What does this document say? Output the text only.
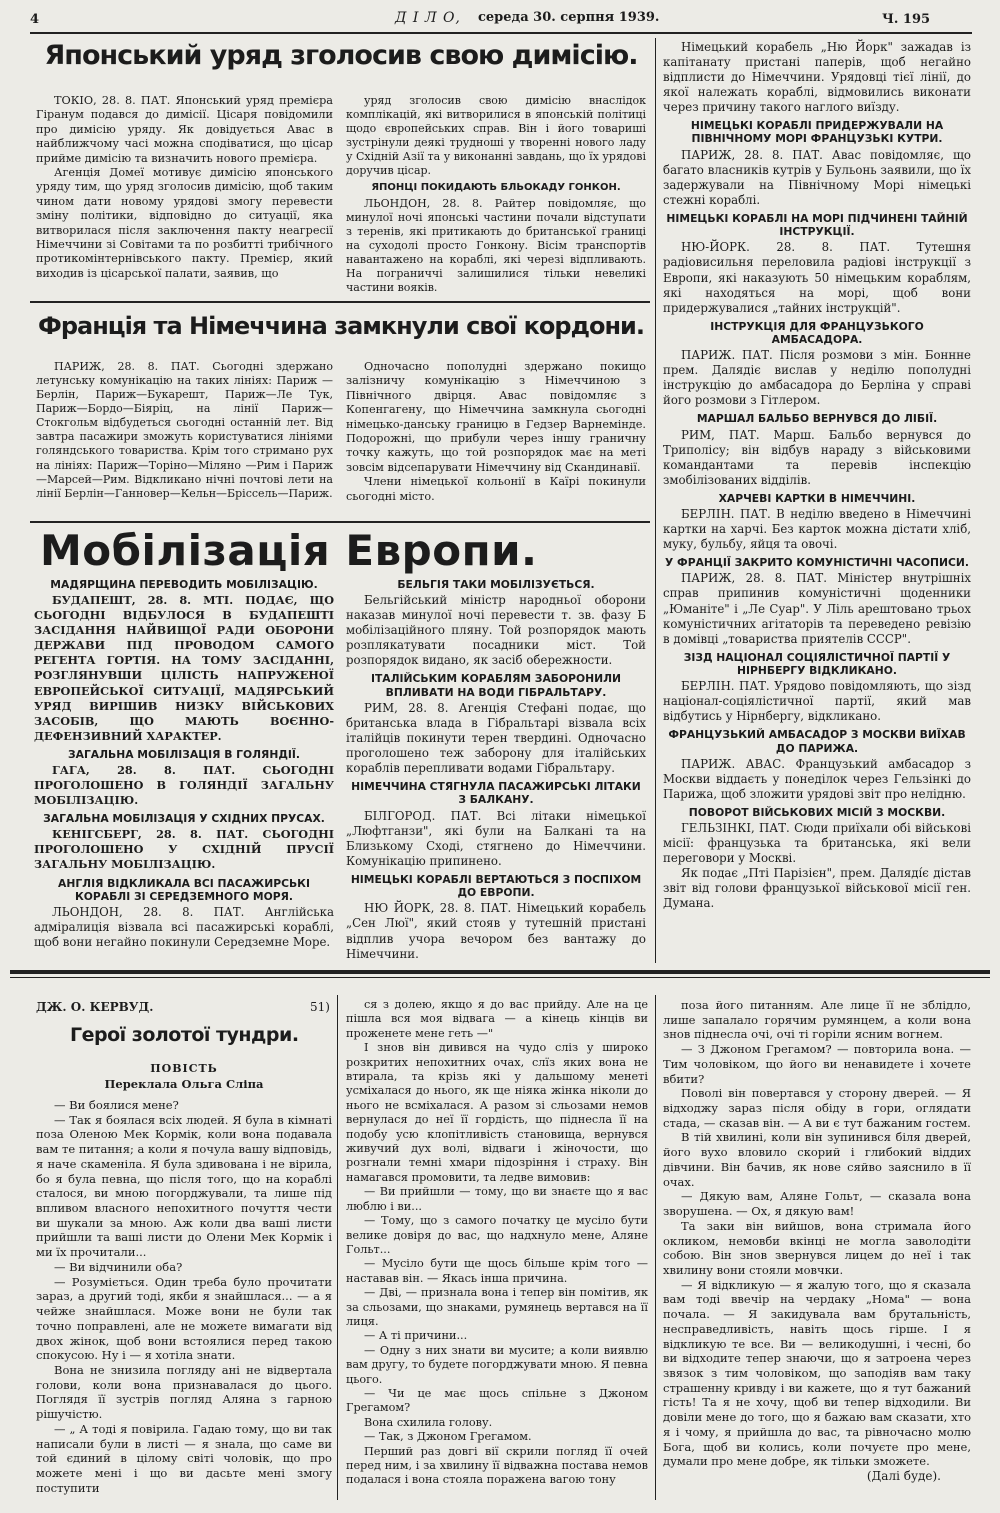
4	Д І Л О, середа 30. серпня 1939.	Ч. 195
Японський уряд зголосив свою димісію.

ТОКІО, 28. 8. ПАТ. Японський уряд премієра Гіранум подався до димісії. Цісаря повідомили про димісію уряду. Як довідується Авас в найближчому часі можна сподіватися, що цісар прийме димісію та визначить нового премієра.

Агенція Домеї мотивує димісію японського уряду тим, що уряд зголосив димісію, щоб таким чином дати новому урядові змогу перевести зміну політики, відповідно до ситуації, яка витворилася після заключення пакту неагресії Німеччини зі Совітами та по розбитті трибічного протикомінтернівського пакту. Премієр, який виходив із цісарської палати, заявив, що

уряд зголосив свою димісію внаслідок комплікацій, які витворилися в японській політиці щодо європейських справ. Він і його товариші зустрінули деякі трудноші у творенні нового ладу у Східній Азії та у виконанні завдань, що їх урядові доручив цісар.

ЯПОНЦІ ПОКИДАЮТЬ БЛЬОКАДУ ГОНКОН.

ЛЬОНДОН, 28. 8. Райтер повідомляє, що минулої ночі японські частини почали відступати з теренів, які притикають до британської границі на суходолі просто Гонкону. Вісім транспортів навантажено на кораблі, які черезі відпливають. На пограниччі залишилися тільки невеликі частини вояків.

Франція та Німеччина замкнули свої кордони.

ПАРИЖ, 28. 8. ПАТ. Сьогодні здержано летунську комунікацію на таких лініях: Париж —Берлін, Париж—Букарешт, Париж—Ле Тук, Париж—Бордо—Біяріц, на лінії Париж—Стокгольм відбудеться сьогодні останній лет. Від завтра пасажири зможуть користуватися лініями голяндського товариства. Крім того стримано рух на лініях: Париж—Торіно—Міляно —Рим і Париж—Марсей—Рим. Відкликано нічні почтові лети на лінії Берлін—Ганновер—Кельн—Бріссель—Париж.

Одночасно пополудні здержано покищо залізничу комунікацію з Німеччиною з Північного двірця. Авас повідомляє з Копенгагену, що Німеччина замкнула сьогодні німецько-данську границю в Гедзер Варнемінде. Подорожні, що прибули через іншу граничну точку кажуть, що той розпорядок має на меті зовсім відсепарувати Німеччину від Скандинавії.

Члени німецької кольонії в Каїрі покинули сьогодні місто.

Мобілізація Европи.
МАДЯРЩИНА ПЕРЕВОДИТЬ МОБІЛІЗАЦІЮ.

БУДАПЕШТ, 28. 8. МТІ. ПОДАЄ, ЩО СЬОГОДНІ ВІДБУЛОСЯ В БУДАПЕШТІ ЗАСІДАННЯ НАЙВИЩОЇ РАДИ ОБОРОНИ ДЕРЖАВИ ПІД ПРОВОДОМ САМОГО РЕГЕНТА ГОРТІЯ. НА ТОМУ ЗАСІДАННІ, РОЗГЛЯНУВШИ ЦІЛІСТЬ НАПРУЖЕНОЇ ЕВРОПЕЙСЬКОЇ СИТУАЦІЇ, МАДЯРСЬКИЙ УРЯД ВИРІШИВ НИЗКУ ВІЙСЬКОВИХ ЗАСОБІВ, ЩО МАЮТЬ ВОЄННО-ДЕФЕНЗИВНИЙ ХАРАКТЕР.

ЗАГАЛЬНА МОБІЛІЗАЦІЯ В ГОЛЯНДІЇ.

ГАГА, 28. 8. ПАТ. СЬОГОДНІ ПРОГОЛОШЕНО В ГОЛЯНДІЇ ЗАГАЛЬНУ МОБІЛІЗАЦІЮ.

ЗАГАЛЬНА МОБІЛІЗАЦІЯ У СХІДНИХ ПРУСАХ.

КЕНІГСБЕРГ, 28. 8. ПАТ. СЬОГОДНІ ПРОГОЛОШЕНО У СХІДНІЙ ПРУСІЇ ЗАГАЛЬНУ МОБІЛІЗАЦІЮ.

АНГЛІЯ ВІДКЛИКАЛА ВСІ ПАСАЖИРСЬКІ КОРАБЛІ ЗІ СЕРЕДЗЕМНОГО МОРЯ.

ЛЬОНДОН, 28. 8. ПАТ. Англійська адміралиція візвала всі пасажирські кораблі, щоб вони негайно покинули Середземне Море.

БЕЛЬГІЯ ТАКИ МОБІЛІЗУЄТЬСЯ.

Бельгійський міністр народньої оборони наказав минулої ночі перевести т. зв. фазу Б мобілізаційного пляну. Той розпорядок мають розплякатувати посадники міст. Той розпорядок видано, як засіб обережности.

ІТАЛІЙСЬКИМ КОРАБЛЯМ ЗАБОРОНИЛИ ВПЛИВАТИ НА ВОДИ ГІБРАЛЬТАРУ.

РИМ, 28. 8. Агенція Стефані подає, що британська влада в Гібральтарі візвала всіх італійців покинути терен твердині. Одночасно проголошено теж заборону для італійських кораблів перепливати водами Гібральтару.

НІМЕЧЧИНА СТЯГНУЛА ПАСАЖИРСЬКІ ЛІТАКИ З БАЛКАНУ.

БІЛГОРОД. ПАТ. Всі літаки німецької „Люфтганзи", які були на Балкані та на Близькому Сході, стягнено до Німеччини. Комунікацію припинено.

НІМЕЦЬКІ КОРАБЛІ ВЕРТАЮТЬСЯ З ПОСПІХОМ ДО ЕВРОПИ.

НЮ ЙОРК, 28. 8. ПАТ. Німецький корабель „Сен Люї", який стояв у тутешній пристані відплив учора вечором без вантажу до Німеччини.

Німецький корабель „Ню Йорк" зажадав із капітанату пристані паперів, щоб негайно відплисти до Німеччини. Урядовці тієї лінії, до якої належать кораблі, відмовились виконати через причину такого наглого виїзду.

НІМЕЦЬКІ КОРАБЛІ ПРИДЕРЖУВАЛИ НА ПІВНІЧНОМУ МОРІ ФРАНЦУЗЬКІ КУТРИ.

ПАРИЖ, 28. 8. ПАТ. Авас повідомляє, що багато власників кутрів у Бульонь заявили, що їх задержували на Північному Морі німецькі стежні кораблі.

НІМЕЦЬКІ КОРАБЛІ НА МОРІ ПІДЧИНЕНІ ТАЙНІЙ ІНСТРУКЦІЇ.

НЮ-ЙОРК. 28. 8. ПАТ. Тутешня радіовисильня переловила радіові інструкції з Европи, які наказують 50 німецьким кораблям, які находяться на морі, щоб вони придержувалися „тайних інструкцій".

ІНСТРУКЦІЯ ДЛЯ ФРАНЦУЗЬКОГО АМБАСАДОРА.

ПАРИЖ. ПАТ. Після розмови з мін. Боннне прем. Далядіє вислав у неділю пополудні інструкцію до амбасадора до Берліна у справі його розмови з Гітлером.

МАРШАЛ БАЛЬБО ВЕРНУВСЯ ДО ЛІБІЇ.

РИМ, ПАТ. Марш. Бальбо вернувся до Триполісу; він відбув нараду з військовими командантами та перевів інспекцію змобілізованих відділів.

ХАРЧЕВІ КАРТКИ В НІМЕЧЧИНІ.

БЕРЛІН. ПАТ. В неділю введено в Німеччині картки на харчі. Без карток можна дістати хліб, муку, бульбу, яйця та овочі.

У ФРАНЦІЇ ЗАКРИТО КОМУНІСТИЧНІ ЧАСОПИСИ.

ПАРИЖ, 28. 8. ПАТ. Міністер внутрішніх справ припинив комуністичні щоденники „Юманіте" і „Ле Суар". У Ліль арештовано трьох комуністичних агітаторів та переведено ревізію в домівці „товариства приятелів СССР".

ЗІЗД НАЦІОНАЛ СОЦІЯЛІСТИЧНОЇ ПАРТІЇ У НІРНБЕРГУ ВІДКЛИКАНО.

БЕРЛІН. ПАТ. Урядово повідомляють, що зізд націонал-соціялістичної партії, який мав відбутись у Нірнбергу, відкликано.

ФРАНЦУЗЬКИЙ АМБАСАДОР З МОСКВИ ВИЇХАВ ДО ПАРИЖА.

ПАРИЖ. АВАС. Французький амбасадор з Москви віддаєть у понеділок через Гельзінкі до Парижа, щоб зложити урядові звіт про нелідню.

ПОВОРОТ ВІЙСЬКОВИХ МІСІЙ З МОСКВИ.

ГЕЛЬЗІНКІ, ПАТ. Сюди приїхали обі військові місії: французька та британська, які вели переговори у Москві.

Як подає „Пті Парізієн", прем. Даляді́є дістав звіт від голови французької військової місії ген. Думана.

ДЖ. О. КЕРВУД.	51)
Герої золотої тундри.
ПОВІСТЬ
Переклала Ольга Сліпа

— Ви боялися мене?

— Так я боялася всіх людей. Я була в кімнаті поза Оленою Мек Кормік, коли вона подавала вам те питання; а коли я почула вашу відповідь, я наче скаменіла. Я була здивована і не вірила, бо я була певна, що після того, що на кораблі сталося, ви мною погорджували, та лише під впливом власного непохитного почуття чести ви шукали за мною. Аж коли два ваші листи прийшли та ваші листи до Олени Мек Кормік і ми їх прочитали...

— Ви відчинили оба?

— Розуміється. Один треба було прочитати зараз, а другий тоді, якби я знайшлася... — а я чейже знайшлася. Може вони не були так точно поправлені, але не можете вимагати від двох жінок, щоб вони встоялися перед такою спокусою. Ну і — я хотіла знати.

Вона не знизила погляду ані не відвертала голови, коли вона признавалася до цього. Поглядя її зустрів погляд Аляна з гарною рішучістю.

— „ А тоді я повірила. Гадаю тому, що ви так написали були в листі — я знала, що саме ви той єдиний в цілому світі чоловік, що про можете мені і що ви дасьте мені змогу поступити

ся з долею, якщо я до вас прийду. Але на це пішла вся моя відвага — а кінець кінців ви проженете мене геть —"

І знов він дивився на чудо сліз у широко розкритих непохитних очах, слїз яких вона не втирала, та крізь які у дальшому менеті усміхалася до нього, як ще ніяка жінка ніколи до нього не всміхалася. А разом зі сльозами немов вернулася до неї її гордість, що піднесла її на подобу усю клопітливість становища, вернувся живучий дух волі, відваги і жіночости, що розгнали темні хмари підозріння і страху. Він намагався промовити, та ледве вимовив:

— Ви прийшли — тому, що ви знаєте що я вас люблю і ви...

— Тому, що з самого початку це мусіло бути велике довіря до вас, що надхнуло мене, Аляне Гольт...

— Мусіло бути ще щось більше крім того — наставав він. — Якась інша причина.

— Дві, — признала вона і тепер він помітив, як за сльозами, що знаками, румянець вертався на її лиця.

— А ті причини...

— Одну з них знати ви мусите; а коли виявлю вам другу, то будете погорджувати мною. Я певна цього.

— Чи це має щось спільне з Джоном Грегамом?

Вона схилила голову.

— Так, з Джоном Грегамом.

Перший раз довгі вії скрили погляд її очей перед ним, і за хвилину її відважна постава немов подалася і вона стояла поражена вагою тону

поза його питанням. Але лице її не зблідло, лише запалало горячим румянцем, а коли вона знов піднесла очі, очі ті горіли ясним вогнем.

— З Джоном Грегамом? — повторила вона. — Тим чоловіком, що його ви ненавидете і хочете вбити?

Поволі він повертався у сторону дверей. — Я відходжу зараз після обіду в гори, оглядати стада, — сказав він. — А ви є тут бажаним гостем.

В тій хвилині, коли він зупинився біля дверей, його вухо вловило скорий і глибокий віддих дівчини. Він бачив, як нове сяйво заяснило в її очах.

— Дякую вам, Аляне Гольт, — сказала вона зворушена. — Ох, я дякую вам!

Та заки він вийшов, вона стримала його окликом, немовби вкінці не могла заволодіти собою. Він знов звернувся лицем до неї і так хвилину вони стояли мовчки.

— Я відкликую — я жалую того, що я сказала вам тоді ввечір на чердаку „Нома" — вона почала. — Я закидувала вам брутальність, несправедливість, навіть щось гірше. І я відкликую те все. Ви — великодушні, і чесні, бо ви відходите тепер знаючи, що я затроена через звязок з тим чоловіком, що заподіяв вам таку страшенну кривду і ви кажете, що я тут бажаний гість! Та я не хочу, щоб ви тепер відходили. Ви довіли мене до того, що я бажаю вам сказати, хто я і чому, я прийшла до вас, та рівночасно молю Бога, щоб ви колись, коли почуєте про мене, думали про мене добре, як тільки зможете.

(Далі буде).
